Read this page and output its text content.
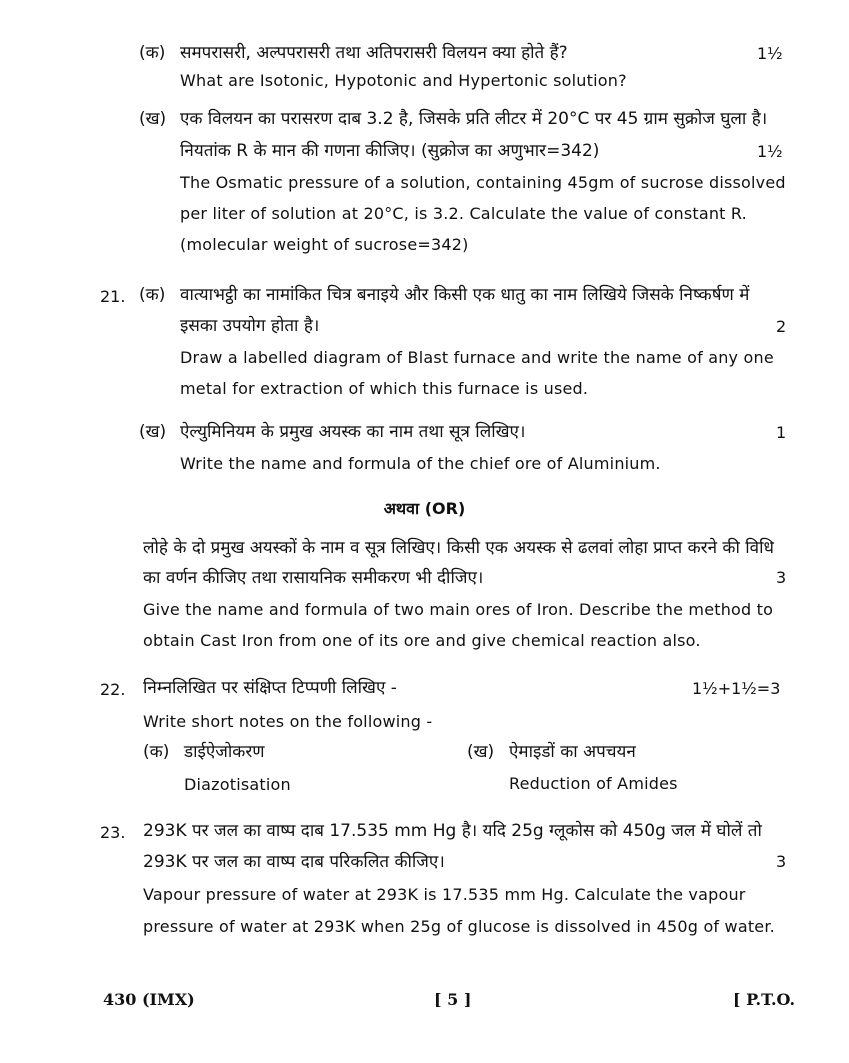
(क) समपरासरी, अल्पपरासरी तथा अतिपरासरी विलयन क्या होते हैं?	1½
What are Isotonic, Hypotonic and Hypertonic solution?
(ख) एक विलयन का परासरण दाब 3.2 है, जिसके प्रति लीटर में 20°C पर 45 ग्राम सुक्रोज घुला है।
नियतांक R के मान की गणना कीजिए। (सुक्रोज का अणुभार=342)	1½
The Osmatic pressure of a solution, containing 45gm of sucrose dissolved
per liter of solution at 20°C, is 3.2. Calculate the value of constant R.
(molecular weight of sucrose=342)
21. (क) वात्याभट्ठी का नामांकित चित्र बनाइये और किसी एक धातु का नाम लिखिये जिसके निष्कर्षण में
इसका उपयोग होता है।	2
Draw a labelled diagram of Blast furnace and write the name of any one
metal for extraction of which this furnace is used.
(ख) ऐल्युमिनियम के प्रमुख अयस्क का नाम तथा सूत्र लिखिए।	1
Write the name and formula of the chief ore of Aluminium.
अथवा (OR)
लोहे के दो प्रमुख अयस्कों के नाम व सूत्र लिखिए। किसी एक अयस्क से ढलवां लोहा प्राप्त करने की विधि
का वर्णन कीजिए तथा रासायनिक समीकरण भी दीजिए।	3
Give the name and formula of two main ores of Iron. Describe the method to
obtain Cast Iron from one of its ore and give chemical reaction also.
22. निम्नलिखित पर संक्षिप्त टिप्पणी लिखिए -	1½+1½=3
Write short notes on the following -
(क) डाईऐजोकरण	(ख) ऐमाइडों का अपचयन
Diazotisation	Reduction of Amides
23. 293K पर जल का वाष्प दाब 17.535 mm Hg है। यदि 25g ग्लूकोस को 450g जल में घोलें तो
293K पर जल का वाष्प दाब परिकलित कीजिए।	3
Vapour pressure of water at 293K is 17.535 mm Hg. Calculate the vapour
pressure of water at 293K when 25g of glucose is dissolved in 450g of water.
430 (IMX)	[ 5 ]	[ P.T.O.
